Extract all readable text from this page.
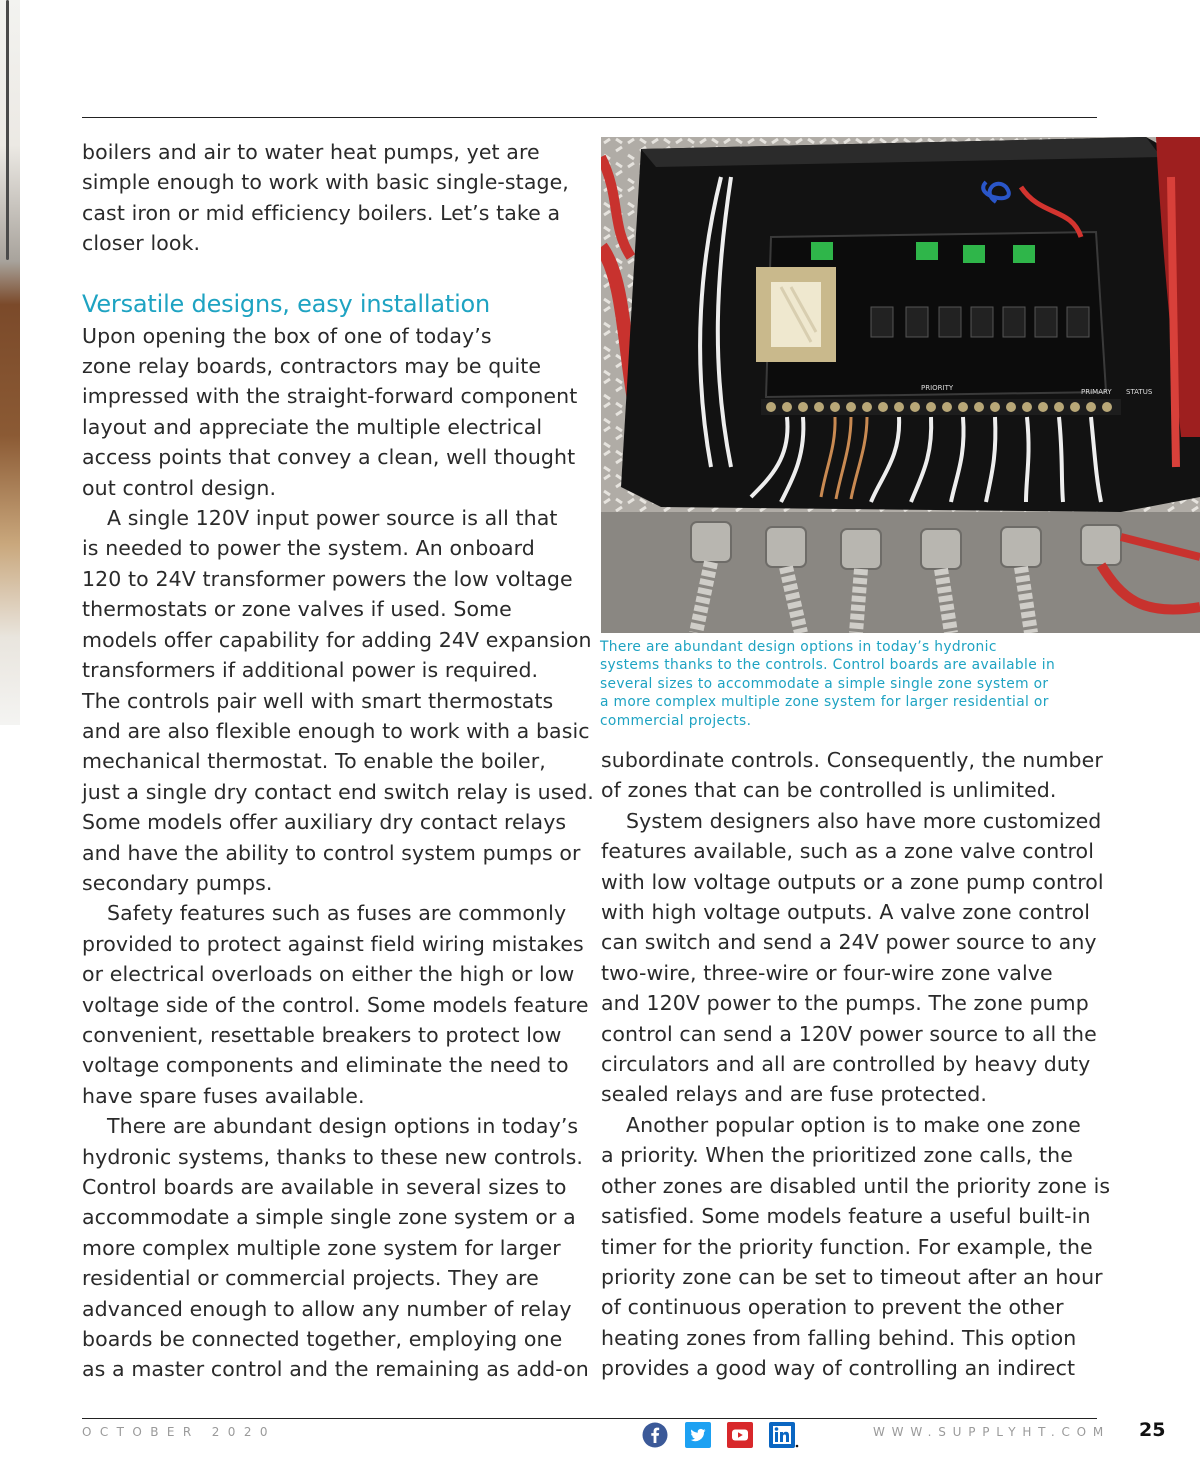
boilers and air to water heat pumps, yet are
simple enough to work with basic single-stage,
cast iron or mid efficiency boilers. Let’s take a
closer look.

Versatile designs, easy installation

Upon opening the box of one of today’s
zone relay boards, contractors may be quite
impressed with the straight-forward component
layout and appreciate the multiple electrical
access points that convey a clean, well thought
out control design.

A single 120V input power source is all that
is needed to power the system. An onboard
120 to 24V transformer powers the low voltage
thermostats or zone valves if used. Some
models offer capability for adding 24V expansion
transformers if additional power is required.
The controls pair well with smart thermostats
and are also flexible enough to work with a basic
mechanical thermostat. To enable the boiler,
just a single dry contact end switch relay is used.
Some models offer auxiliary dry contact relays
and have the ability to control system pumps or
secondary pumps.

Safety features such as fuses are commonly
provided to protect against field wiring mistakes
or electrical overloads on either the high or low
voltage side of the control. Some models feature
convenient, resettable breakers to protect low
voltage components and eliminate the need to
have spare fuses available.

There are abundant design options in today’s
hydronic systems, thanks to these new controls.
Control boards are available in several sizes to
accommodate a simple single zone system or a
more complex multiple zone system for larger
residential or commercial projects. They are
advanced enough to allow any number of relay
boards be connected together, employing one
as a master control and the remaining as add-on

PRIORITY	PRIMARY STATUS
There are abundant design options in today’s hydronic
systems thanks to the controls. Control boards are available in
several sizes to accommodate a simple single zone system or
a more complex multiple zone system for larger residential or
commercial projects.

subordinate controls. Consequently, the number
of zones that can be controlled is unlimited.

System designers also have more customized
features available, such as a zone valve control
with low voltage outputs or a zone pump control
with high voltage outputs. A valve zone control
can switch and send a 24V power source to any
two-wire, three-wire or four-wire zone valve
and 120V power to the pumps. The zone pump
control can send a 120V power source to all the
circulators and all are controlled by heavy duty
sealed relays and are fuse protected.

Another popular option is to make one zone
a priority. When the prioritized zone calls, the
other zones are disabled until the priority zone is
satisfied. Some models feature a useful built-in
timer for the priority function. For example, the
priority zone can be set to timeout after an hour
of continuous operation to prevent the other
heating zones from falling behind. This option
provides a good way of controlling an indirect

OCTOBER 2020	WWW.SUPPLYHT.COM 25
